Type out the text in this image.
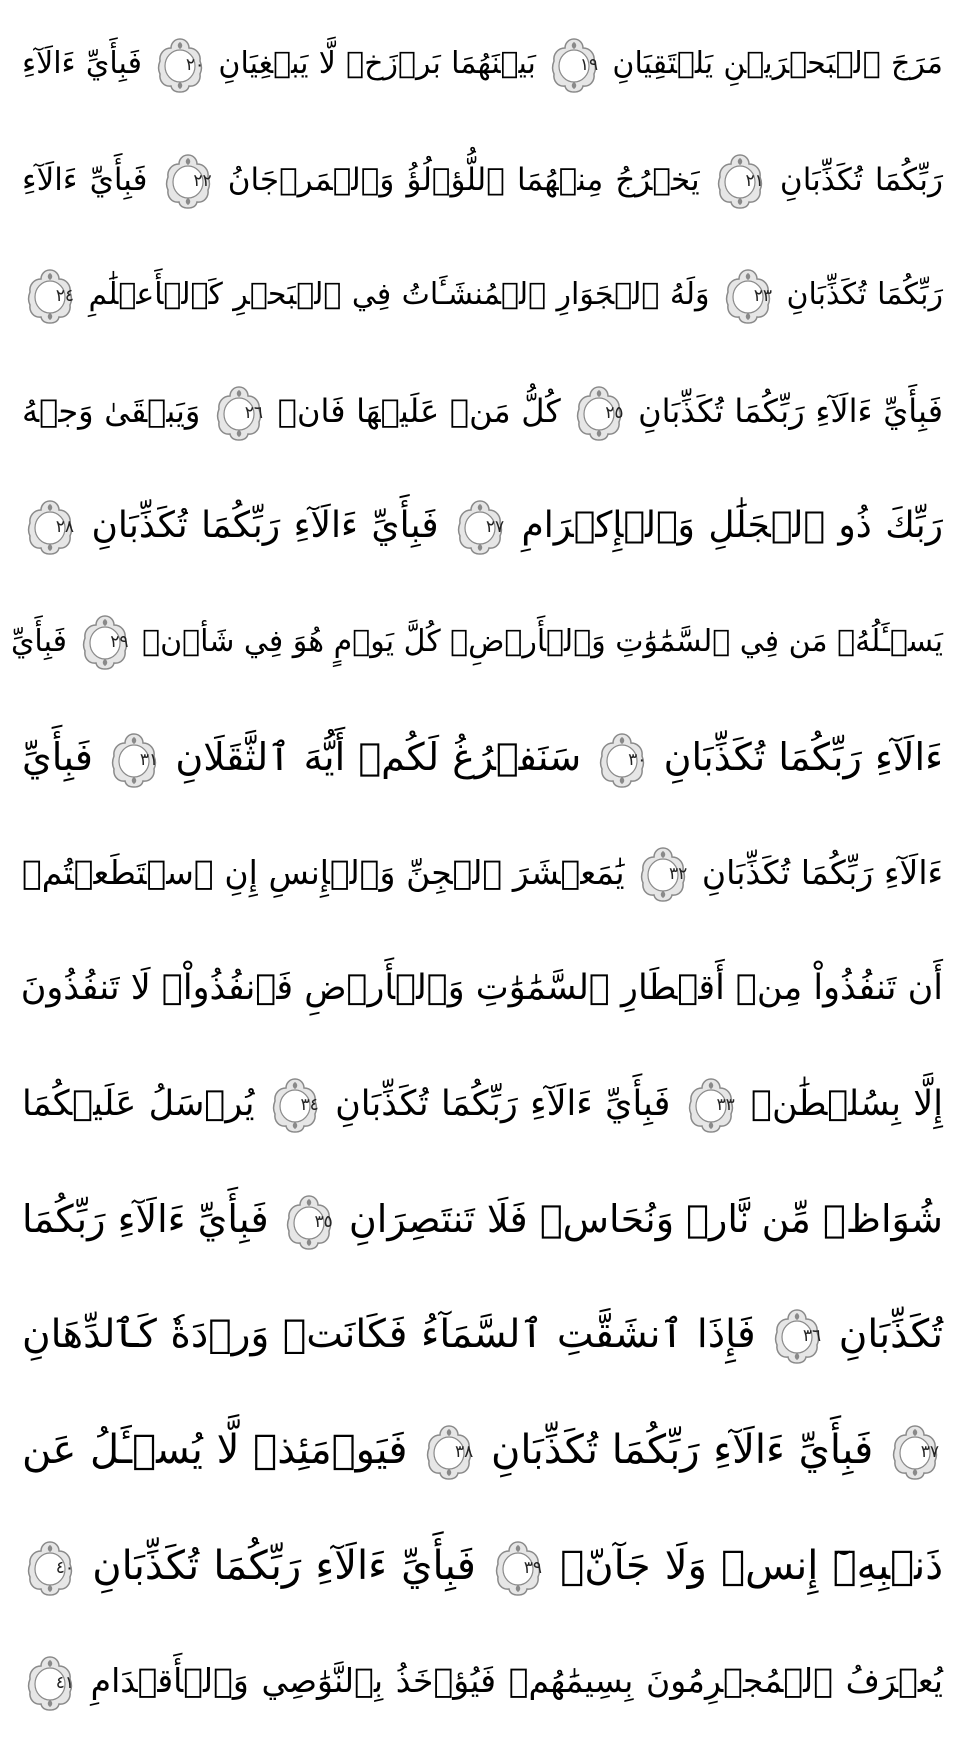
مَرَجَ ٱلۡبَحۡرَيۡنِ يَلۡتَقِيَانِ
١٩
بَيۡنَهُمَا بَرۡزَخٞ لَّا يَبۡغِيَانِ
٢٠
فَبِأَيِّ ءَالَآءِ
رَبِّكُمَا تُكَذِّبَانِ
٢١
يَخۡرُجُ مِنۡهُمَا ٱللُّؤۡلُؤُ وَٱلۡمَرۡجَانُ
٢٢
فَبِأَيِّ ءَالَآءِ
رَبِّكُمَا تُكَذِّبَانِ
٢٣
وَلَهُ ٱلۡجَوَارِ ٱلۡمُنشَـَٔاتُ فِي ٱلۡبَحۡرِ كَٱلۡأَعۡلَٰمِ
٢٤
فَبِأَيِّ ءَالَآءِ رَبِّكُمَا تُكَذِّبَانِ
٢٥
كُلُّ مَنۡ عَلَيۡهَا فَانٖ
٢٦
وَيَبۡقَىٰ وَجۡهُ
رَبِّكَ ذُو ٱلۡجَلَٰلِ وَٱلۡإِكۡرَامِ
٢٧
فَبِأَيِّ ءَالَآءِ رَبِّكُمَا تُكَذِّبَانِ
٢٨
يَسۡـَٔلُهُۥ مَن فِي ٱلسَّمَٰوَٰتِ وَٱلۡأَرۡضِۚ كُلَّ يَوۡمٍ هُوَ فِي شَأۡنٖ
٢٩
فَبِأَيِّ
ءَالَآءِ رَبِّكُمَا تُكَذِّبَانِ
٣٠
سَنَفۡرُغُ لَكُمۡ أَيُّهَ ٱلثَّقَلَانِ
٣١
فَبِأَيِّ
ءَالَآءِ رَبِّكُمَا تُكَذِّبَانِ
٣٢
يَٰمَعۡشَرَ ٱلۡجِنِّ وَٱلۡإِنسِ إِنِ ٱسۡتَطَعۡتُمۡ
أَن تَنفُذُواْ مِنۡ أَقۡطَارِ ٱلسَّمَٰوَٰتِ وَٱلۡأَرۡضِ فَٱنفُذُواْۚ لَا تَنفُذُونَ
إِلَّا بِسُلۡطَٰنٖ
٣٣
فَبِأَيِّ ءَالَآءِ رَبِّكُمَا تُكَذِّبَانِ
٣٤
يُرۡسَلُ عَلَيۡكُمَا
شُوَاظٞ مِّن نَّارٖ وَنُحَاسٞ فَلَا تَنتَصِرَانِ
٣٥
فَبِأَيِّ ءَالَآءِ رَبِّكُمَا
تُكَذِّبَانِ
٣٦
فَإِذَا ٱنشَقَّتِ ٱلسَّمَآءُ فَكَانَتۡ وَرۡدَةٗ كَٱلدِّهَانِ
٣٧
فَبِأَيِّ ءَالَآءِ رَبِّكُمَا تُكَذِّبَانِ
٣٨
فَيَوۡمَئِذٖ لَّا يُسۡـَٔلُ عَن
ذَنۢبِهِۦٓ إِنسٞ وَلَا جَآنّٞ
٣٩
فَبِأَيِّ ءَالَآءِ رَبِّكُمَا تُكَذِّبَانِ
٤٠
يُعۡرَفُ ٱلۡمُجۡرِمُونَ بِسِيمَٰهُمۡ فَيُؤۡخَذُ بِٱلنَّوَٰصِي وَٱلۡأَقۡدَامِ
٤١
